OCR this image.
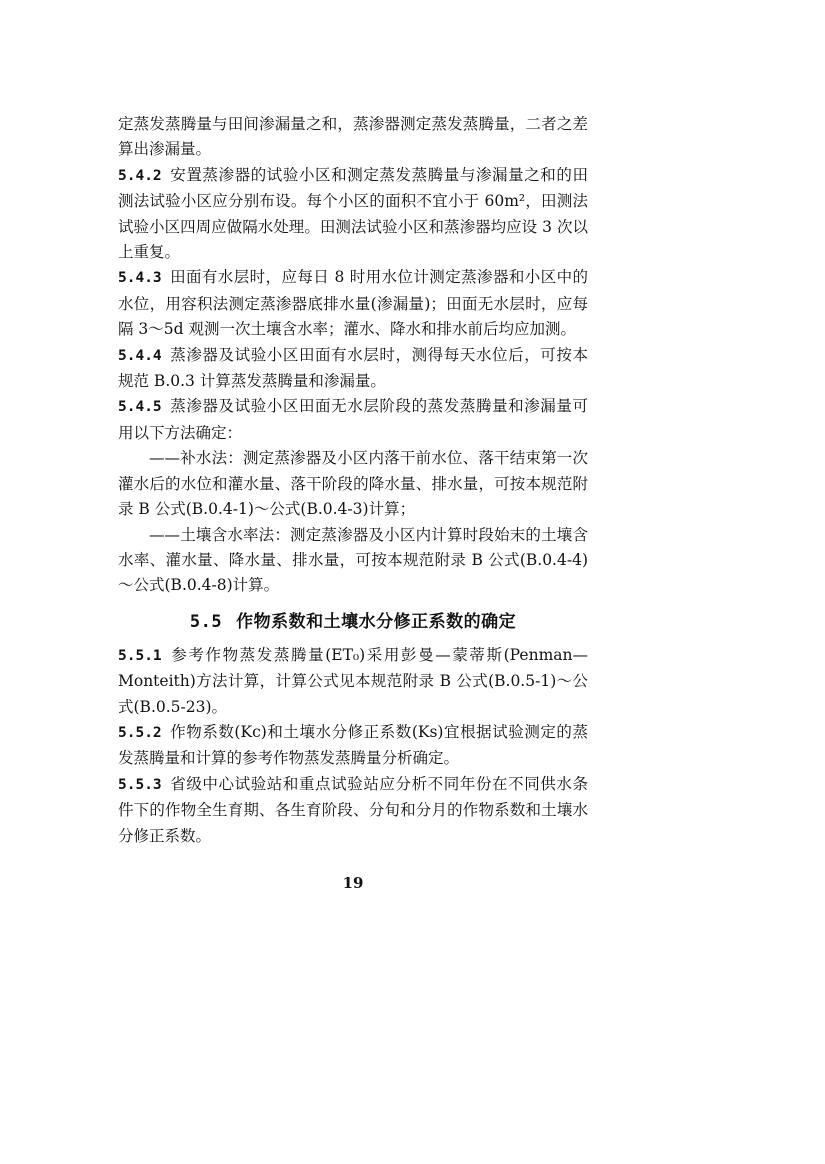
定蒸发蒸腾量与田间渗漏量之和，蒸渗器测定蒸发蒸腾量，二者之差算出渗漏量。

5.4.2 安置蒸渗器的试验小区和测定蒸发蒸腾量与渗漏量之和的田测法试验小区应分别布设。每个小区的面积不宜小于 60m²，田测法试验小区四周应做隔水处理。田测法试验小区和蒸渗器均应设 3 次以上重复。

5.4.3 田面有水层时，应每日 8 时用水位计测定蒸渗器和小区中的水位，用容积法测定蒸渗器底排水量(渗漏量)；田面无水层时，应每隔 3～5d 观测一次土壤含水率；灌水、降水和排水前后均应加测。

5.4.4 蒸渗器及试验小区田面有水层时，测得每天水位后，可按本规范 B.0.3 计算蒸发蒸腾量和渗漏量。

5.4.5 蒸渗器及试验小区田面无水层阶段的蒸发蒸腾量和渗漏量可用以下方法确定：

——补水法：测定蒸渗器及小区内落干前水位、落干结束第一次灌水后的水位和灌水量、落干阶段的降水量、排水量，可按本规范附录 B 公式(B.0.4-1)～公式(B.0.4-3)计算；

——土壤含水率法：测定蒸渗器及小区内计算时段始末的土壤含水率、灌水量、降水量、排水量，可按本规范附录 B 公式(B.0.4-4)～公式(B.0.4-8)计算。

5.5 作物系数和土壤水分修正系数的确定

5.5.1 参考作物蒸发蒸腾量(ET₀)采用彭曼—蒙蒂斯(Penman—Monteith)方法计算，计算公式见本规范附录 B 公式(B.0.5-1)～公式(B.0.5-23)。

5.5.2 作物系数(Kc)和土壤水分修正系数(Ks)宜根据试验测定的蒸发蒸腾量和计算的参考作物蒸发蒸腾量分析确定。

5.5.3 省级中心试验站和重点试验站应分析不同年份在不同供水条件下的作物全生育期、各生育阶段、分旬和分月的作物系数和土壤水分修正系数。

19
